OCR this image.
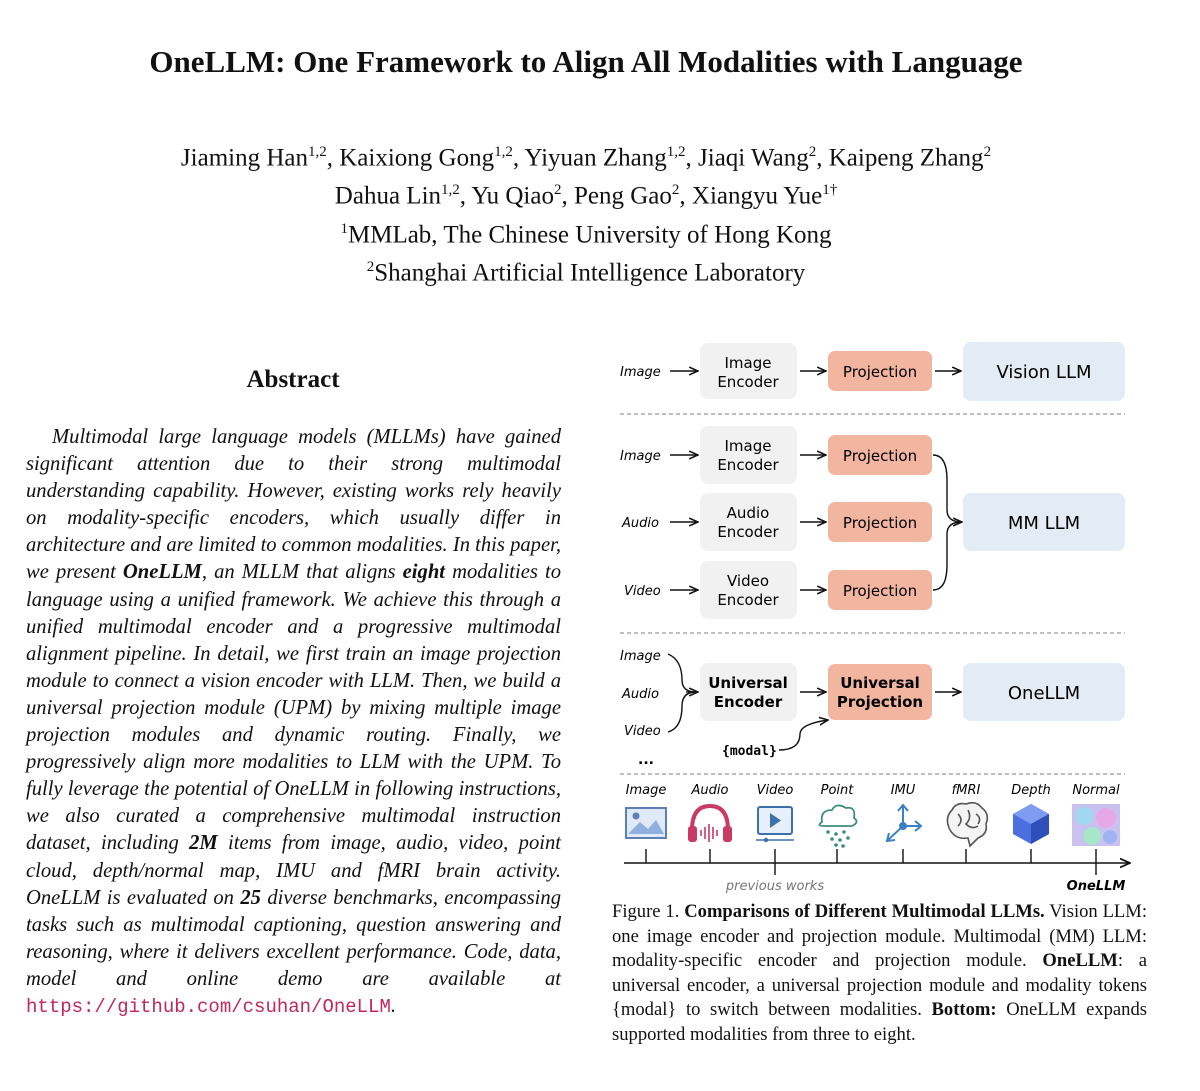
OneLLM: One Framework to Align All Modalities with Language
Jiaming Han$^{1,2}$, Kaixiong Gong$^{1,2}$, Yiyuan Zhang$^{1,2}$, Jiaqi Wang$^2$, Kaipeng Zhang$^2$
Dahua Lin$^{1,2}$, Yu Qiao$^2$, Peng Gao$^2$, Xiangyu Yue$^{1\dagger}$
$^1$MMLab, The Chinese University of Hong Kong
$^2$Shanghai Artificial Intelligence Laboratory
Abstract

Multimodal large language models (MLLMs) have gained significant attention due to their strong multimodal understanding capability. However, existing works rely heavily on modality-specific encoders, which usually differ in architecture and are limited to common modalities. In this paper, we present OneLLM, an MLLM that aligns eight modalities to language using a unified framework. We achieve this through a unified multimodal encoder and a progressive multimodal alignment pipeline. In detail, we first train an image projection module to connect a vision encoder with LLM. Then, we build a universal projection module (UPM) by mixing multiple image projection modules and dynamic routing. Finally, we progressively align more modalities to LLM with the UPM. To fully leverage the potential of OneLLM in following instructions, we also curated a comprehensive multimodal instruction dataset, including 2M items from image, audio, video, point cloud, depth/normal map, IMU and fMRI brain activity. OneLLM is evaluated on 25 diverse benchmarks, encompassing tasks such as multimodal captioning, question answering and reasoning, where it delivers excellent performance. Code, data, model and online demo are available at https://github.com/csuhan/OneLLM.

Image
Image
Encoder
Projection	Vision LLM
Image
Image
Encoder	Projection
Audio
Audio
Encoder	Projection
Video
Video
Encoder	Projection
MM LLM
Image
Audio
Video
...
Universal
Encoder
Universal
Projection
{modal}
OneLLM
Image Audio Video Point	IMU	fMRI Depth Normal
previous works	OneLLM

Figure 1. Comparisons of Different Multimodal LLMs. Vision LLM: one image encoder and projection module. Multimodal (MM) LLM: modality-specific encoder and projection module. OneLLM: a universal encoder, a universal projection module and modality tokens {modal} to switch between modalities. Bottom: OneLLM expands supported modalities from three to eight.
